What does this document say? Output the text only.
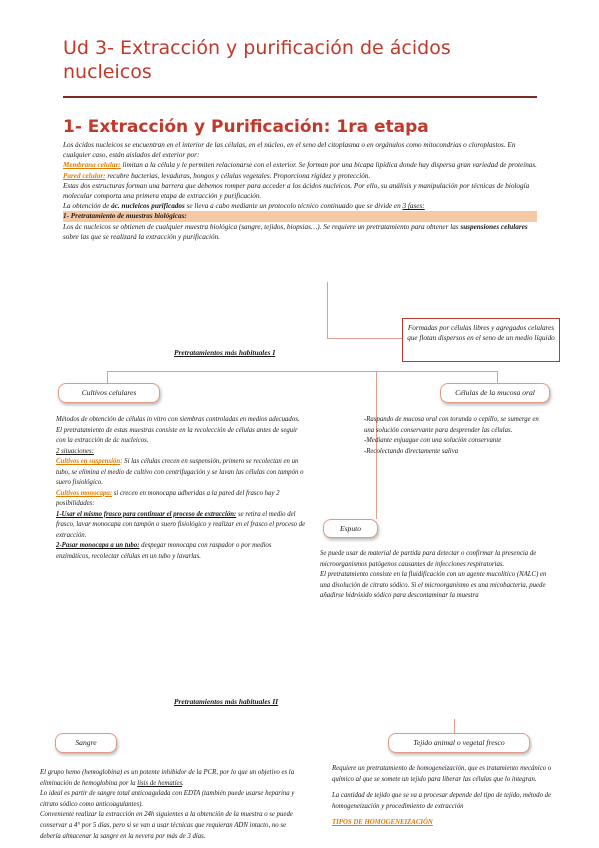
Ud 3- Extracción y purificación de ácidos nucleicos
1- Extracción y Purificación: 1ra etapa
Los ácidos nucleicos se encuentran en el interior de las células, en el núcleo, en el seno del citoplasma o en orgánulos como mitocondrias o cloroplastos. En cualquier caso, están aislados del exterior por:
Membrana celular: limitan a la célula y le permiten relacionarse con el exterior. Se forman por una bicapa lipídica donde hay dispersa gran variedad de proteínas.
Pared celular: recubre bacterias, levaduras, hongos y células vegetales. Proporciona rigidez y protección.
Estas dos estructuras forman una barrera que debemos romper para acceder a los ácidos nucleicos. Por ello, su análisis y manipulación por técnicas de biología molecular comporta una primera etapa de extracción y purificación.
La obtención de ác. nucleicos purificados se lleva a cabo mediante un protocolo técnico continuado que se divide en 3 fases:
1- Pretratamiento de muestras biológicas:
Los ác nucleicos se obtienen de cualquier muestra biológica (sangre, tejidos, biopsias…). Se requiere un pretratamiento para obtener las suspensiones celulares sobre las que se realizará la extracción y purificación.
Formadas por células libres y agregados celulares que flotan dispersos en el seno de un medio líquido
Pretratamientos más habituales I
Cultivos celulares	Células de la mucosa oral
Métodos de obtención de células in vitro con siembras controladas en medios adecuados.
El pretratamiento de estas muestras consiste en la recolección de células antes de seguir con la extracción de ác nucleicos.
2 situaciones:
Cultivos en suspensión: Si las células crecen en suspensión, primero se recolectan en un tubo, se elimina el medio de cultivo con centrifugación y se lavan las células con tampón o suero fisiológico.
Cultivos monocapa: si crecen en monocapa adheridas a la pared del frasco hay 2 posibilidades:
1-Usar el mismo frasco para continuar el proceso de extracción: se retira el medio del frasco, lavar monocapa con tampón o suero fisiológico y realizar en el frasco el proceso de extracción.
2-Pasar monocapa a un tubo: despegar monocapa con raspador o por medios enzimáticos, recolectar células en un tubo y lavarlas.
-Raspando de mucosa oral con torunda o cepillo, se sumerge en una solución conservante para desprender las células.
-Mediante enjuague con una solución conservante
-Recolectando directamente saliva
Esputo
Se puede usar de material de partida para detectar o confirmar la presencia de microorganismos patógenos causantes de infecciones respiratorias.
El pretratamiento consiste en la fluidificación con un agente mucolítico (NALC) en una disolución de citrato sódico. Si el microorganismo es una micobacteria, puede añadirse hidróxido sódico para descontaminar la muestra
Pretratamientos más habituales II
Sangre	Tejido animal o vegetal fresco
El grupo hemo (hemoglobina) es un potente inhibidor de la PCR, por lo que un objetivo es la eliminación de hemoglobina por la lisis de hematíes.
Lo ideal es partir de sangre total anticoagulada con EDTA (también puede usarse heparina y citrato sódico como anticoagulantes).
Conveniente realizar la extracción en 24h siguientes a la obtención de la muestra o se puede conservar a 4° por 5 días, pero si se van a usar técnicas que requieran ADN intacto, no se debería almacenar la sangre en la nevera por más de 3 días.
Requiere un pretratamiento de homogeneización, que es tratamiento mecánico o químico al que se somete un tejido para liberar las células que lo integran.
La cantidad de tejido que se va a procesar depende del tipo de tejido, método de homogeneización y procedimiento de extracción
TIPOS DE HOMOGENEIZACIÓN
